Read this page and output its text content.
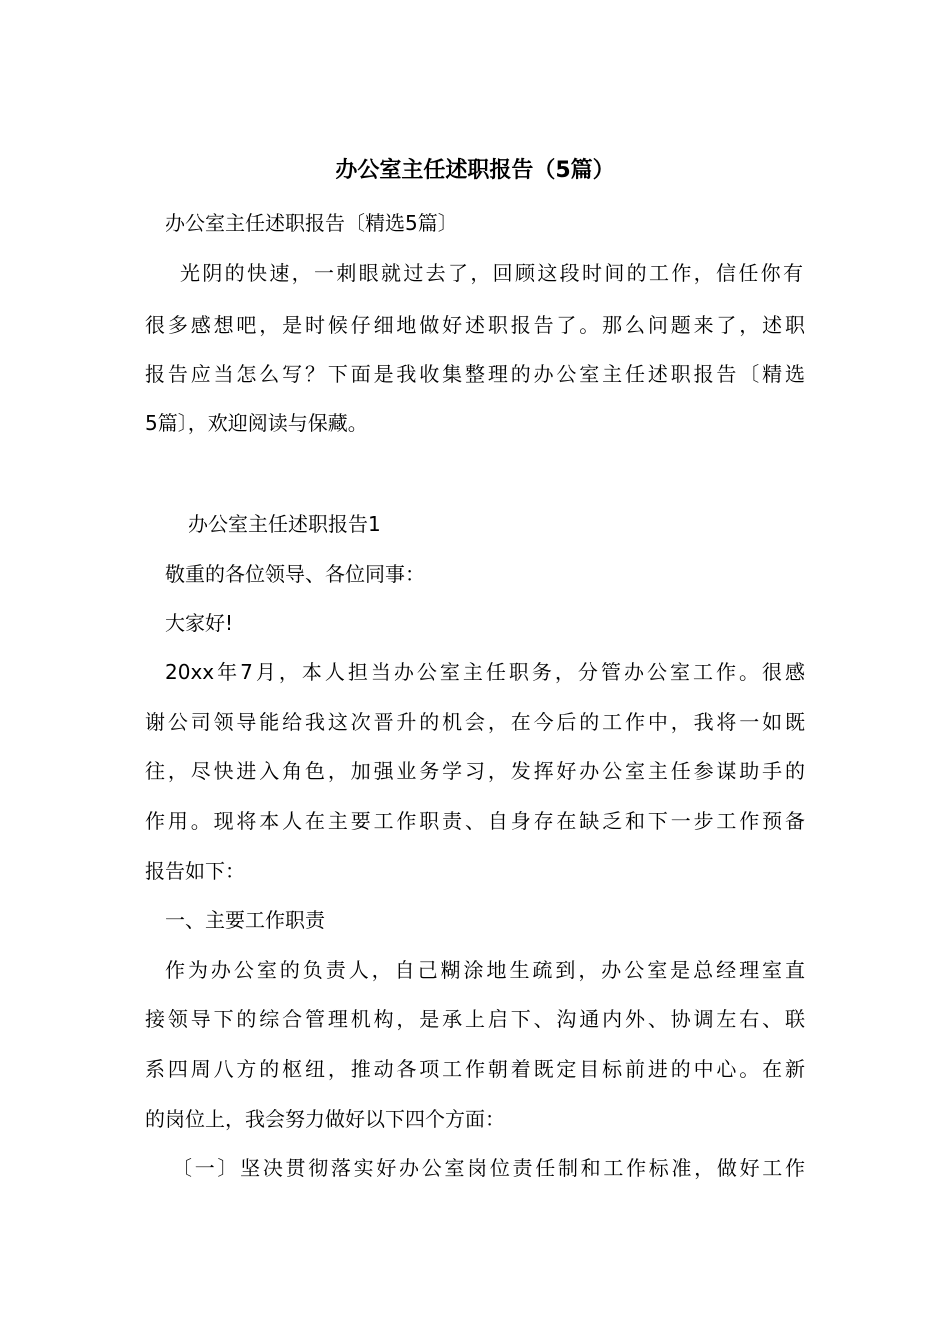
办公室主任述职报告（5篇）
办公室主任述职报告〔精选5篇〕
光阴的快速，一刺眼就过去了，回顾这段时间的工作，信任你有
很多感想吧，是时候仔细地做好述职报告了。那么问题来了，述职
报告应当怎么写？下面是我收集整理的办公室主任述职报告〔精选
5篇〕，欢迎阅读与保藏。
办公室主任述职报告1
敬重的各位领导、各位同事：
大家好!
20xx年7月，本人担当办公室主任职务，分管办公室工作。很感
谢公司领导能给我这次晋升的机会，在今后的工作中，我将一如既
往，尽快进入角色，加强业务学习，发挥好办公室主任参谋助手的
作用。现将本人在主要工作职责、自身存在缺乏和下一步工作预备
报告如下：
一、主要工作职责
作为办公室的负责人，自己糊涂地生疏到，办公室是总经理室直
接领导下的综合管理机构，是承上启下、沟通内外、协调左右、联
系四周八方的枢纽，推动各项工作朝着既定目标前进的中心。在新
的岗位上，我会努力做好以下四个方面：
〔一〕坚决贯彻落实好办公室岗位责任制和工作标准，做好工作
